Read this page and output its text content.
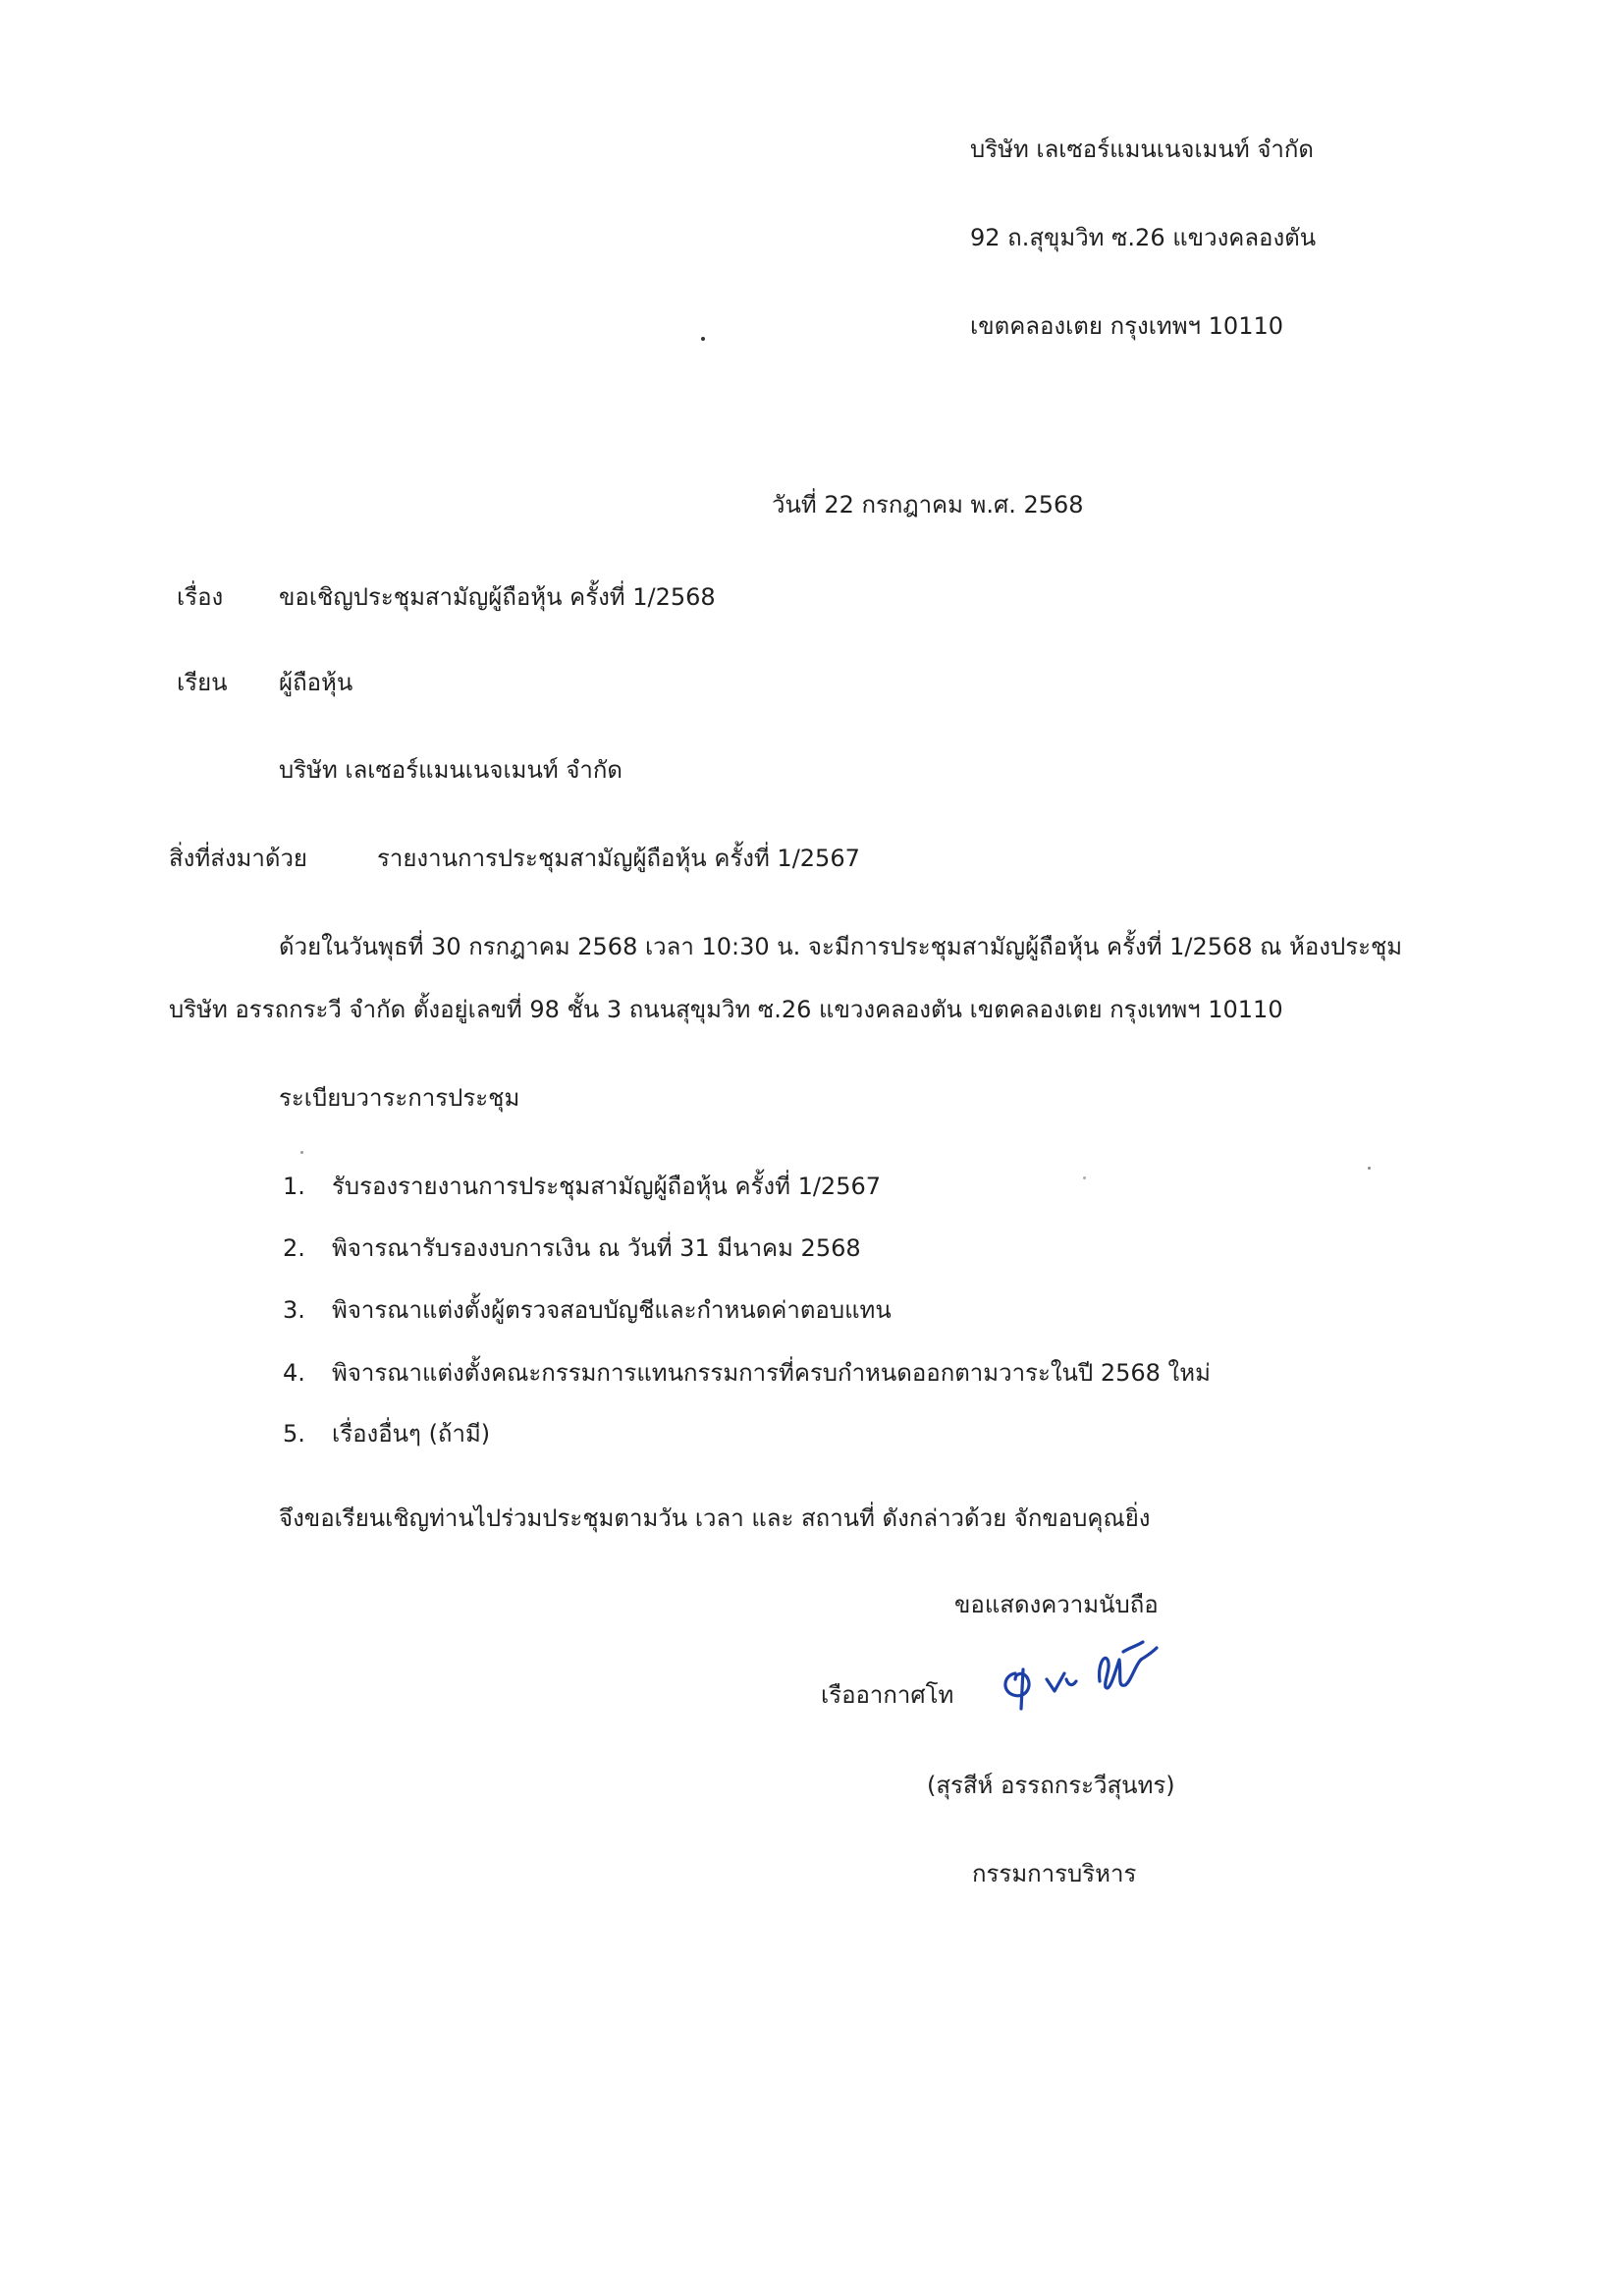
บริษัท เลเซอร์แมนเนจเมนท์ จำกัด
92 ถ.สุขุมวิท ซ.26 แขวงคลองตัน
เขตคลองเตย กรุงเทพฯ 10110
วันที่ 22 กรกฎาคม พ.ศ. 2568
เรื่อง ขอเชิญประชุมสามัญผู้ถือหุ้น ครั้งที่ 1/2568
เรียน ผู้ถือหุ้น
บริษัท เลเซอร์แมนเนจเมนท์ จำกัด
สิ่งที่ส่งมาด้วย	รายงานการประชุมสามัญผู้ถือหุ้น ครั้งที่ 1/2567
ด้วยในวันพุธที่ 30 กรกฎาคม 2568 เวลา 10:30 น. จะมีการประชุมสามัญผู้ถือหุ้น ครั้งที่ 1/2568 ณ ห้องประชุม
บริษัท อรรถกระวี จำกัด ตั้งอยู่เลขที่ 98 ชั้น 3 ถนนสุขุมวิท ซ.26 แขวงคลองตัน เขตคลองเตย กรุงเทพฯ 10110
ระเบียบวาระการประชุม
1. รับรองรายงานการประชุมสามัญผู้ถือหุ้น ครั้งที่ 1/2567
2. พิจารณารับรองงบการเงิน ณ วันที่ 31 มีนาคม 2568
3. พิจารณาแต่งตั้งผู้ตรวจสอบบัญชีและกำหนดค่าตอบแทน
4. พิจารณาแต่งตั้งคณะกรรมการแทนกรรมการที่ครบกำหนดออกตามวาระในปี 2568 ใหม่
5. เรื่องอื่นๆ (ถ้ามี)
จึงขอเรียนเชิญท่านไปร่วมประชุมตามวัน เวลา และ สถานที่ ดังกล่าวด้วย จักขอบคุณยิ่ง
ขอแสดงความนับถือ
เรืออากาศโท
(สุรสีห์ อรรถกระวีสุนทร)
กรรมการบริหาร
